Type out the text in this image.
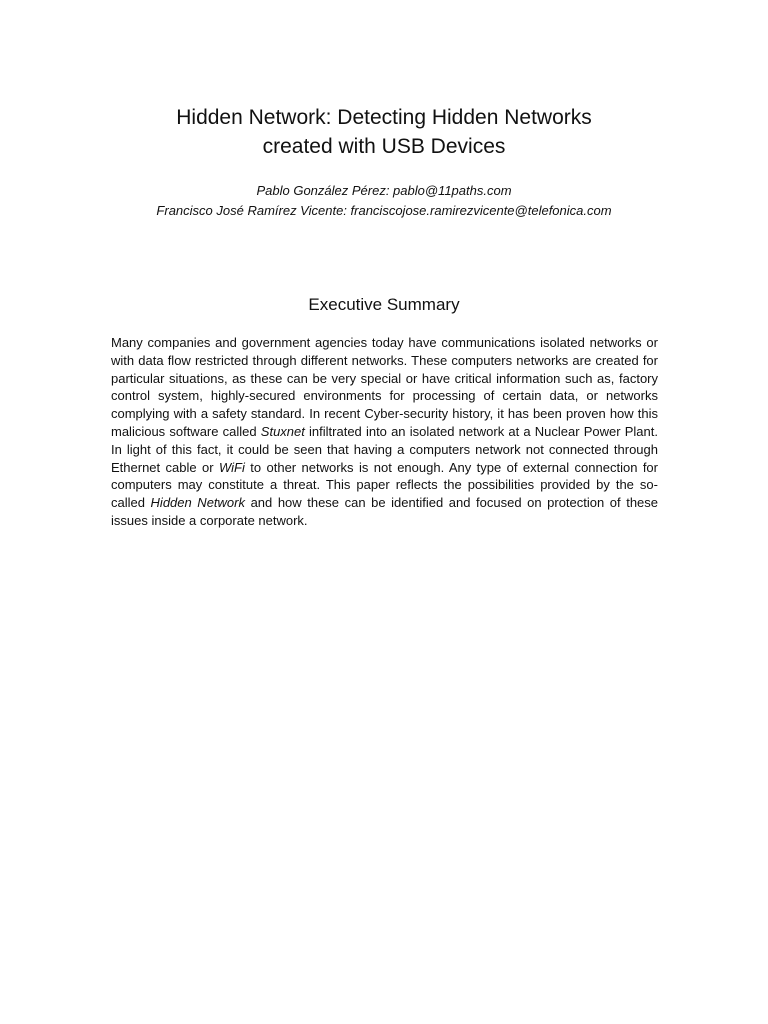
Hidden Network: Detecting Hidden Networks
created with USB Devices
Pablo González Pérez: pablo@11paths.com
Francisco José Ramírez Vicente: franciscojose.ramirezvicente@telefonica.com
Executive Summary

Many companies and government agencies today have communications isolated networks or with data flow restricted through different networks. These computers networks are created for particular situations, as these can be very special or have critical information such as, factory control system, highly-secured environments for processing of certain data, or networks complying with a safety standard. In recent Cyber-security history, it has been proven how this malicious software called Stuxnet infiltrated into an isolated network at a Nuclear Power Plant. In light of this fact, it could be seen that having a computers network not connected through Ethernet cable or WiFi to other networks is not enough. Any type of external connection for computers may constitute a threat. This paper reflects the possibilities provided by the so-called Hidden Network and how these can be identified and focused on protection of these issues inside a corporate network.
